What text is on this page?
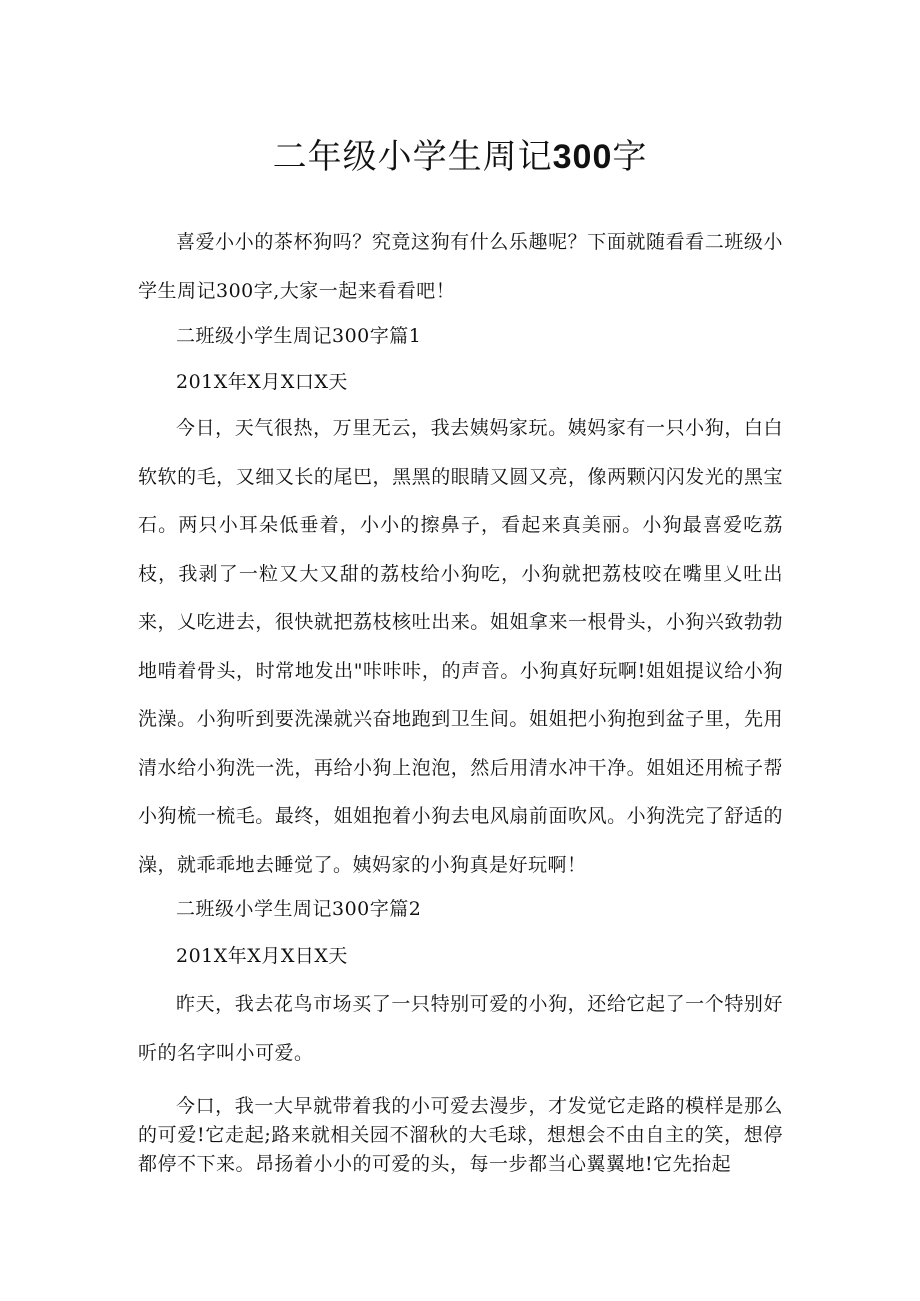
二年级小学生周记300字

喜爱小小的茶杯狗吗？究竟这狗有什么乐趣呢？下面就随看看二班级小学生周记300字,大家一起来看看吧！

二班级小学生周记300字篇1

201X年X月X口X天

今日，天气很热，万里无云，我去姨妈家玩。姨妈家有一只小狗，白白软软的毛，又细又长的尾巴，黑黑的眼睛又圆又亮，像两颗闪闪发光的黑宝石。两只小耳朵低垂着，小小的擦鼻子，看起来真美丽。小狗最喜爱吃荔枝，我剥了一粒又大又甜的荔枝给小狗吃，小狗就把荔枝咬在嘴里乂吐出来，乂吃进去，很快就把荔枝核吐出来。姐姐拿来一根骨头，小狗兴致勃勃地啃着骨头，时常地发出"咔咔咔，的声音。小狗真好玩啊!姐姐提议给小狗洗澡。小狗听到要洗澡就兴奋地跑到卫生间。姐姐把小狗抱到盆子里，先用清水给小狗洗一洗，再给小狗上泡泡，然后用清水冲干净。姐姐还用梳子帮小狗梳一梳毛。最终，姐姐抱着小狗去电风扇前面吹风。小狗洗完了舒适的澡，就乖乖地去睡觉了。姨妈家的小狗真是好玩啊！

二班级小学生周记300字篇2

201X年X月X日X天

昨天，我去花鸟市场买了一只特别可爱的小狗，还给它起了一个特别好听的名字叫小可爱。

今口，我一大早就带着我的小可爱去漫步，才发觉它走路的模样是那么的可爱!它走起;路来就相关园不溜秋的大毛球，想想会不由自主的笑，想停都停不下来。昂扬着小小的可爱的头，每一步都当心翼翼地!它先抬起
